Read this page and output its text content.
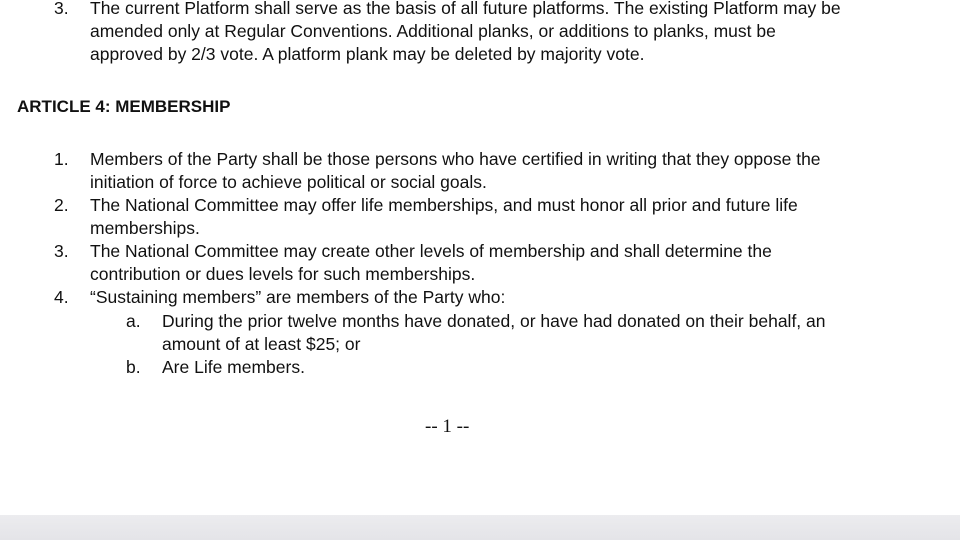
3. The current Platform shall serve as the basis of all future platforms. The existing Platform may be
amended only at Regular Conventions. Additional planks, or additions to planks, must be
approved by 2/3 vote. A platform plank may be deleted by majority vote.
ARTICLE 4: MEMBERSHIP
1. Members of the Party shall be those persons who have certified in writing that they oppose the
initiation of force to achieve political or social goals.
2. The National Committee may offer life memberships, and must honor all prior and future life
memberships.
3. The National Committee may create other levels of membership and shall determine the
contribution or dues levels for such memberships.
4. “Sustaining members” are members of the Party who:
a. During the prior twelve months have donated, or have had donated on their behalf, an
amount of at least $25; or
b. Are Life members.
-- 1 --
